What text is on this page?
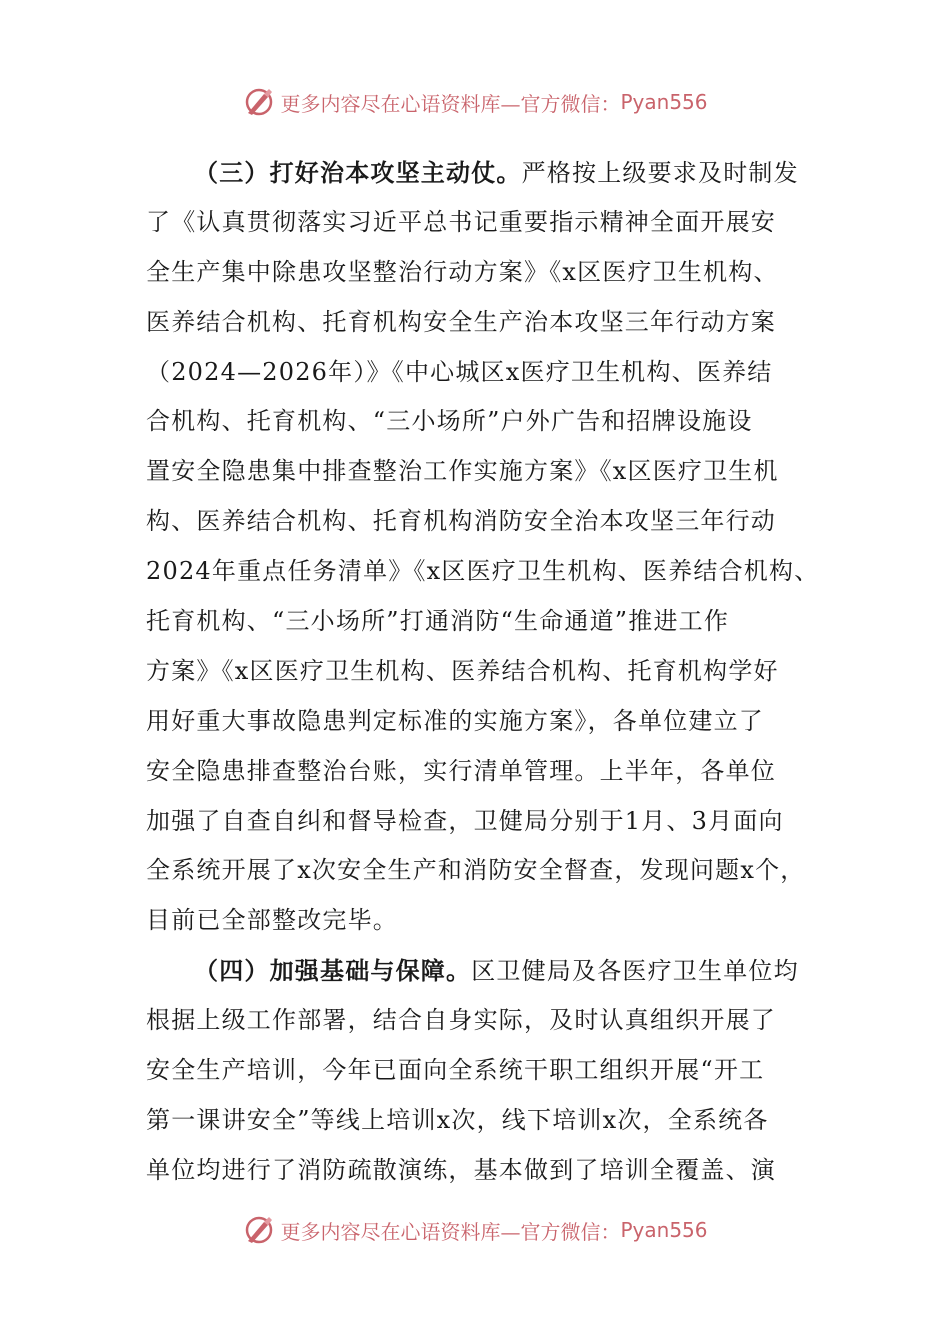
更多内容尽在心语资料库—官方微信： Pyan556
（三）打好治本攻坚主动仗。严格按上级要求及时制发
了《认真贯彻落实习近平总书记重要指示精神全面开展安
全生产集中除患攻坚整治行动方案》《x区医疗卫生机构、
医养结合机构、托育机构安全生产治本攻坚三年行动方案
（2024—2026年）》《中心城区x医疗卫生机构、医养结
合机构、托育机构、“三小场所”户外广告和招牌设施设
置安全隐患集中排查整治工作实施方案》《x区医疗卫生机
构、医养结合机构、托育机构消防安全治本攻坚三年行动
2024年重点任务清单》《x区医疗卫生机构、医养结合机构、
托育机构、“三小场所”打通消防“生命通道”推进工作
方案》《x区医疗卫生机构、医养结合机构、托育机构学好
用好重大事故隐患判定标准的实施方案》，各单位建立了
安全隐患排查整治台账，实行清单管理。上半年，各单位
加强了自查自纠和督导检查，卫健局分别于1月、3月面向
全系统开展了x次安全生产和消防安全督查，发现问题x个，
目前已全部整改完毕。
（四）加强基础与保障。区卫健局及各医疗卫生单位均
根据上级工作部署，结合自身实际，及时认真组织开展了
安全生产培训，今年已面向全系统干职工组织开展“开工
第一课讲安全”等线上培训x次，线下培训x次，全系统各
单位均进行了消防疏散演练，基本做到了培训全覆盖、演
更多内容尽在心语资料库—官方微信： Pyan556
